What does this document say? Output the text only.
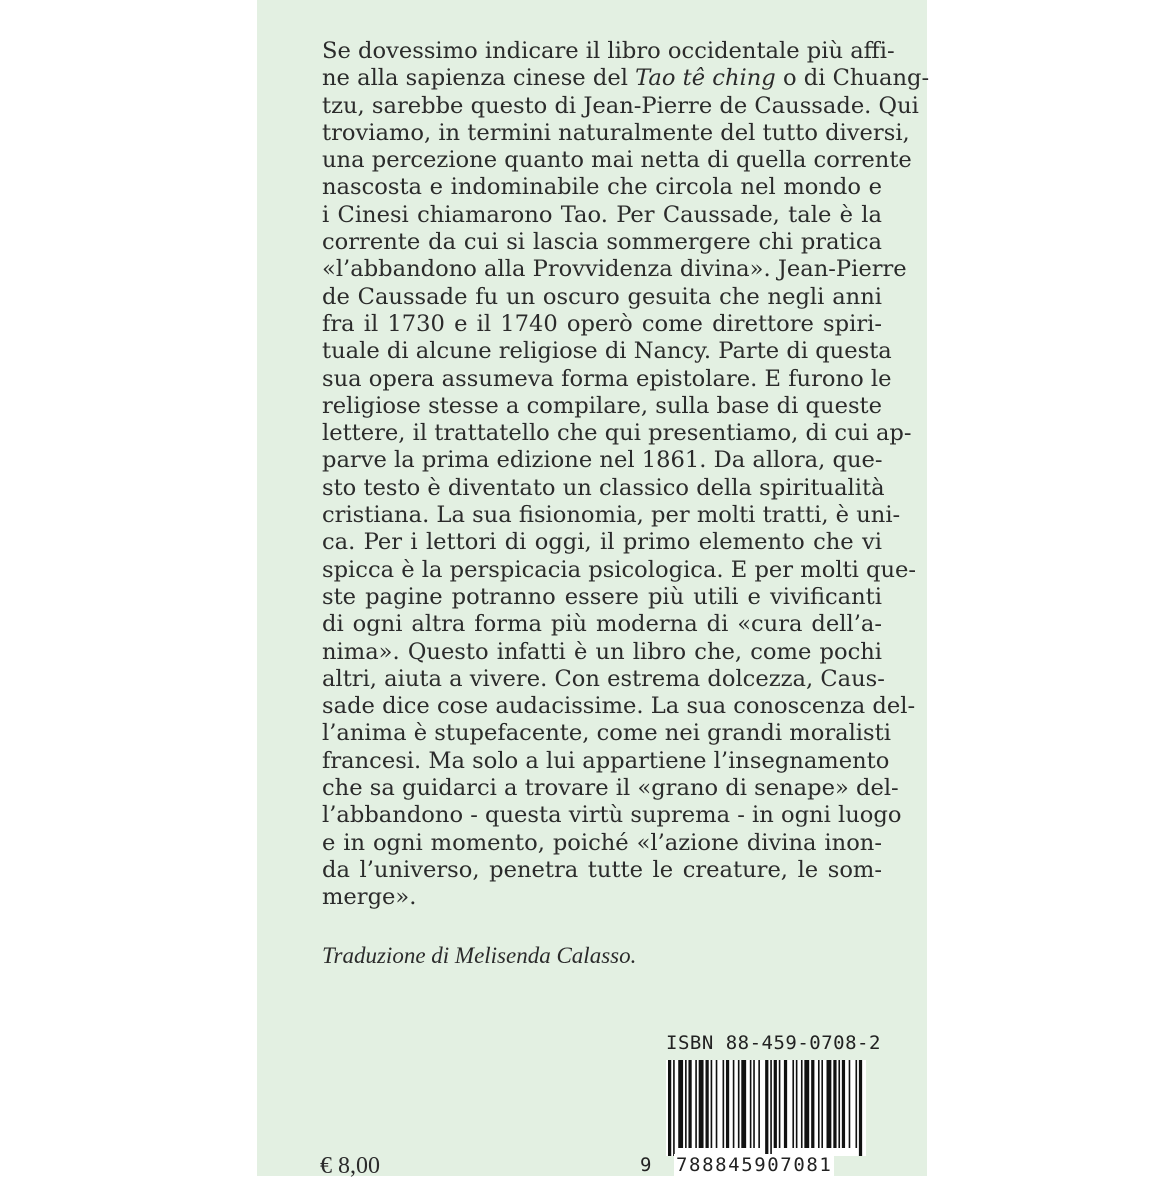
Se dovessimo indicare il libro occidentale più affi-
ne alla sapienza cinese del Tao tê ching o di Chuang-
tzu, sarebbe questo di Jean-Pierre de Caussade. Qui
troviamo, in termini naturalmente del tutto diversi,
una percezione quanto mai netta di quella corrente
nascosta e indominabile che circola nel mondo e
i Cinesi chiamarono Tao. Per Caussade, tale è la
corrente da cui si lascia sommergere chi pratica
«l’abbandono alla Provvidenza divina». Jean-Pierre
de Caussade fu un oscuro gesuita che negli anni
fra il 1730 e il 1740 operò come direttore spiri-
tuale di alcune religiose di Nancy. Parte di questa
sua opera assumeva forma epistolare. E furono le
religiose stesse a compilare, sulla base di queste
lettere, il trattatello che qui presentiamo, di cui ap-
parve la prima edizione nel 1861. Da allora, que-
sto testo è diventato un classico della spiritualità
cristiana. La sua fisionomia, per molti tratti, è uni-
ca. Per i lettori di oggi, il primo elemento che vi
spicca è la perspicacia psicologica. E per molti que-
ste pagine potranno essere più utili e vivificanti
di ogni altra forma più moderna di «cura dell’a-
nima». Questo infatti è un libro che, come pochi
altri, aiuta a vivere. Con estrema dolcezza, Caus-
sade dice cose audacissime. La sua conoscenza del-
l’anima è stupefacente, come nei grandi moralisti
francesi. Ma solo a lui appartiene l’insegnamento
che sa guidarci a trovare il «grano di senape» del-
l’abbandono - questa virtù suprema - in ogni luogo
e in ogni momento, poiché «l’azione divina inon-
da l’universo, penetra tutte le creature, le som-
merge».
Traduzione di Melisenda Calasso.
ISBN 88-459-0708-2
9 788845907081
€ 8,00
